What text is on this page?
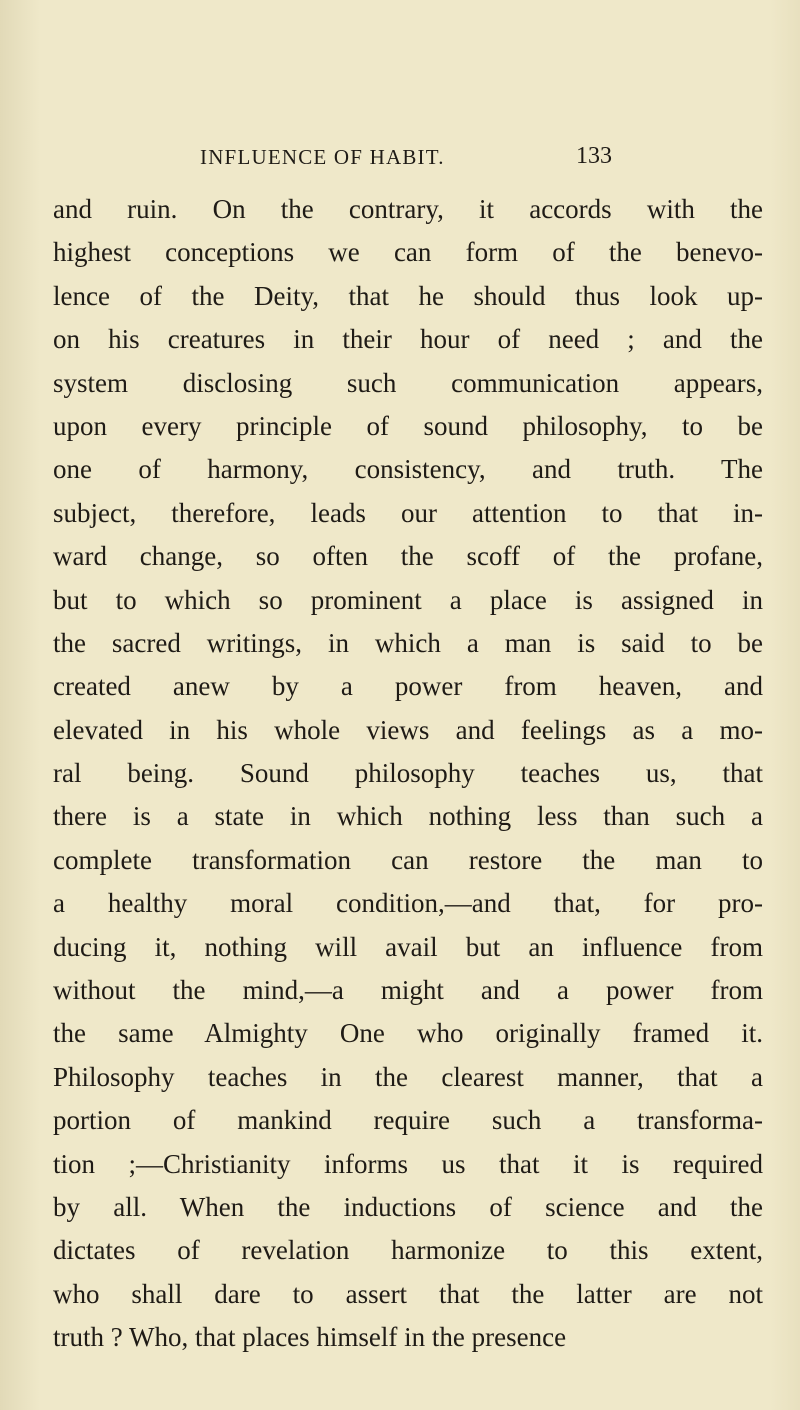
INFLUENCE OF HABIT.	133
and ruin. On the contrary, it accords with the
highest conceptions we can form of the benevo-
lence of the Deity, that he should thus look up-
on his creatures in their hour of need ; and the
system disclosing such communication appears,
upon every principle of sound philosophy, to be
one of harmony, consistency, and truth. The
subject, therefore, leads our attention to that in-
ward change, so often the scoff of the profane,
but to which so prominent a place is assigned in
the sacred writings, in which a man is said to be
created anew by a power from heaven, and
elevated in his whole views and feelings as a mo-
ral being. Sound philosophy teaches us, that
there is a state in which nothing less than such a
complete transformation can restore the man to
a healthy moral condition,—and that, for pro-
ducing it, nothing will avail but an influence from
without the mind,—a might and a power from
the same Almighty One who originally framed it.
Philosophy teaches in the clearest manner, that a
portion of mankind require such a transforma-
tion ;—Christianity informs us that it is required
by all. When the inductions of science and the
dictates of revelation harmonize to this extent,
who shall dare to assert that the latter are not
truth ? Who, that places himself in the presence
